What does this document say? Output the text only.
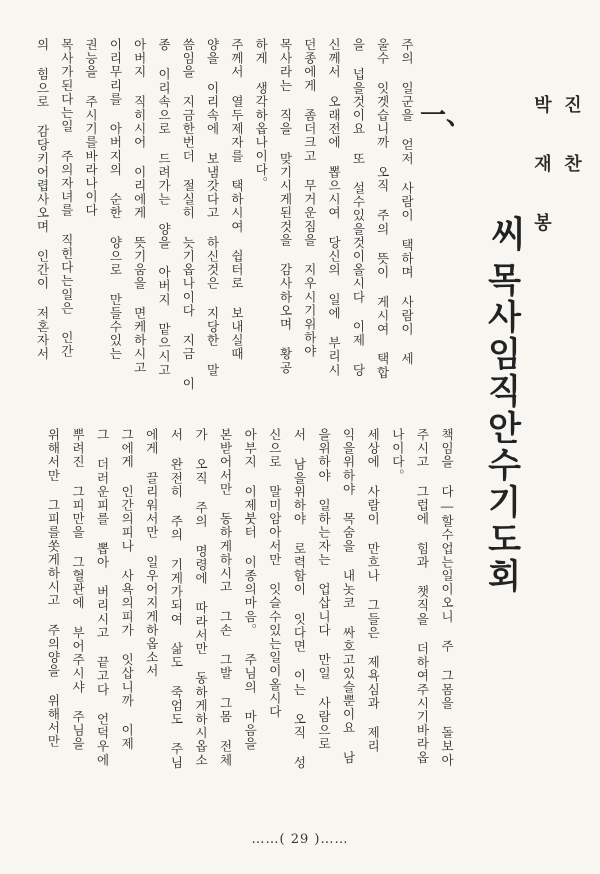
진 찬
박 재 봉
씨
목사임직안수기도회
一、
주의 일군을 얻저 사람이 택하며 사람이 세
울수 잇겟습니까 오직 주의 뜻이 게시여 택합
을 넙을것이요 또 설수있을것이올시다 이제 당
신께서 오래전에 뽑으시여 당신의 일에 부리시
던종에게 좀더크고 무거운짐을 지우시기위하야
목사라는 직을 맞기시게된것을 감사하오며 황공
하게 생각하옵나이다。
주께서 열두제자를 택하시여 쉽터로 보내실때
양을 이리속에 보냄갓다고 하신것은 지당한 말
씀임을 지금한번더 절실히 늣기옵나이다 지금 이
종 이리속으로 드려가는 양을 아버지 맡으시고
아버지 직히시어 이리에게 뜻기움을 면케하시고
이리무리를 아버지의 순한 양으로 만들수있는
권능을 주시기를바라나이다
목사가된다는일 주의자녀를 직힌다는일은 인간
의 힘으로 감당키어렵사오며 인간이 저혼자서
책임을 다―할수업는일이오니 주 그몸을 돌보아
주시고 그럽에 힘과 챗직을 더하여주시기바라옵
나이다。
세상에 사람이 만흐나 그들은 제욕심과 제리
익을위하야 목숨을 내놋코 싸호고있슬뿐이요 남
을위하야 일하는자는 업삽니다 만일 사람으로
서 남을위하야 로력함이 잇다면 이는 오직 성
신으로 말미암아서만 잇슬수있는일이올시다
아부지 이제붓터 이종의마음。 주님의 마음을
본받어서만 동하게하시고 그손 그발 그몸 전체
가 오직 주의 명령에 따라서만 동하게하시옵소
서 완전히 주의 기게가되여 삶도 죽엄도 주님
에게 끌리워서만 일우어지게하옵소서
그에게 인간의피나 사욕의피가 잇삽니까 이제
그 더러운피를 뽑아 버리시고 끝고다 언덕우에
뿌려진 그피만을 그혈관에 부어주시샤 주님을
위해서만 그피를쏫게하시고 주의양을 위해서만
……( 29 )……
